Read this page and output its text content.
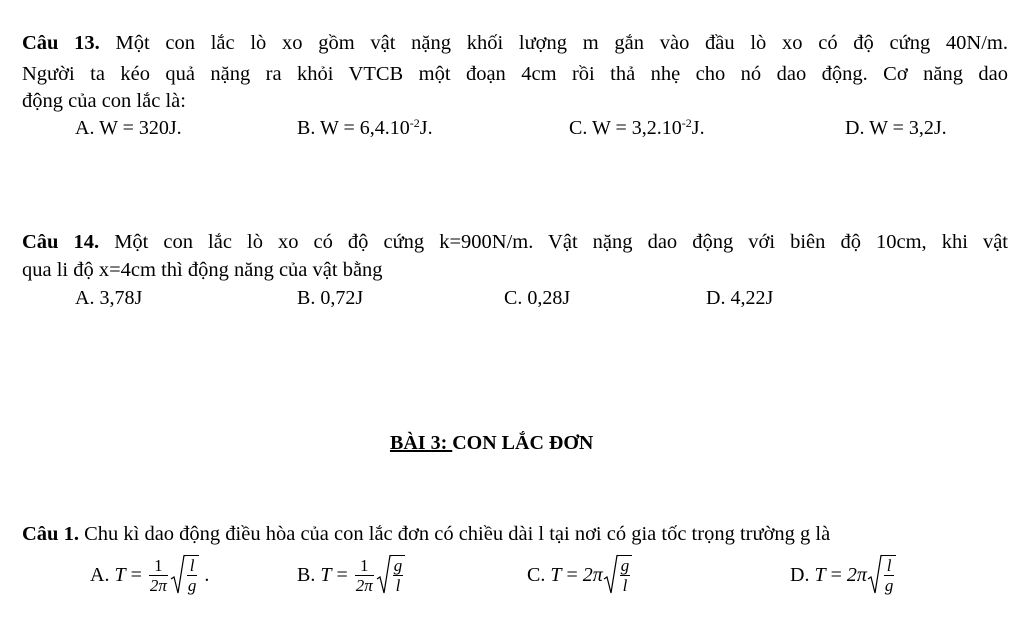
Câu 13. Một con lắc lò xo gồm vật nặng khối lượng m gắn vào đầu lò xo có độ cứng 40N/m.
Người ta kéo quả nặng ra khỏi VTCB một đoạn 4cm rồi thả nhẹ cho nó dao động. Cơ năng dao
động của con lắc là:
A. W = 320J.	B. $W = 6,4.10^{-2}J$.	C. $W = 3,2.10^{-2}J$.	D. W = 3,2J.
Câu 14. Một con lắc lò xo có độ cứng k=900N/m. Vật nặng dao động với biên độ 10cm, khi vật
qua li độ x=4cm thì động năng của vật bằng
A. 3,78J	B. 0,72J	C. 0,28J	D. 4,22J
BÀI 3: CON LẮC ĐƠN
Câu 1. Chu kì dao động điều hòa của con lắc đơn có chiều dài l tại nơi có gia tốc trọng trường g là
A.
$T = \frac{1}{2\pi} \frac{l}{g}$ .	B.
$T = \frac{1}{2\pi} \frac{g}{l}$	C.
$T = 2\pi \frac{g}{l}$	D.
$T = 2\pi \frac{l}{g}$
